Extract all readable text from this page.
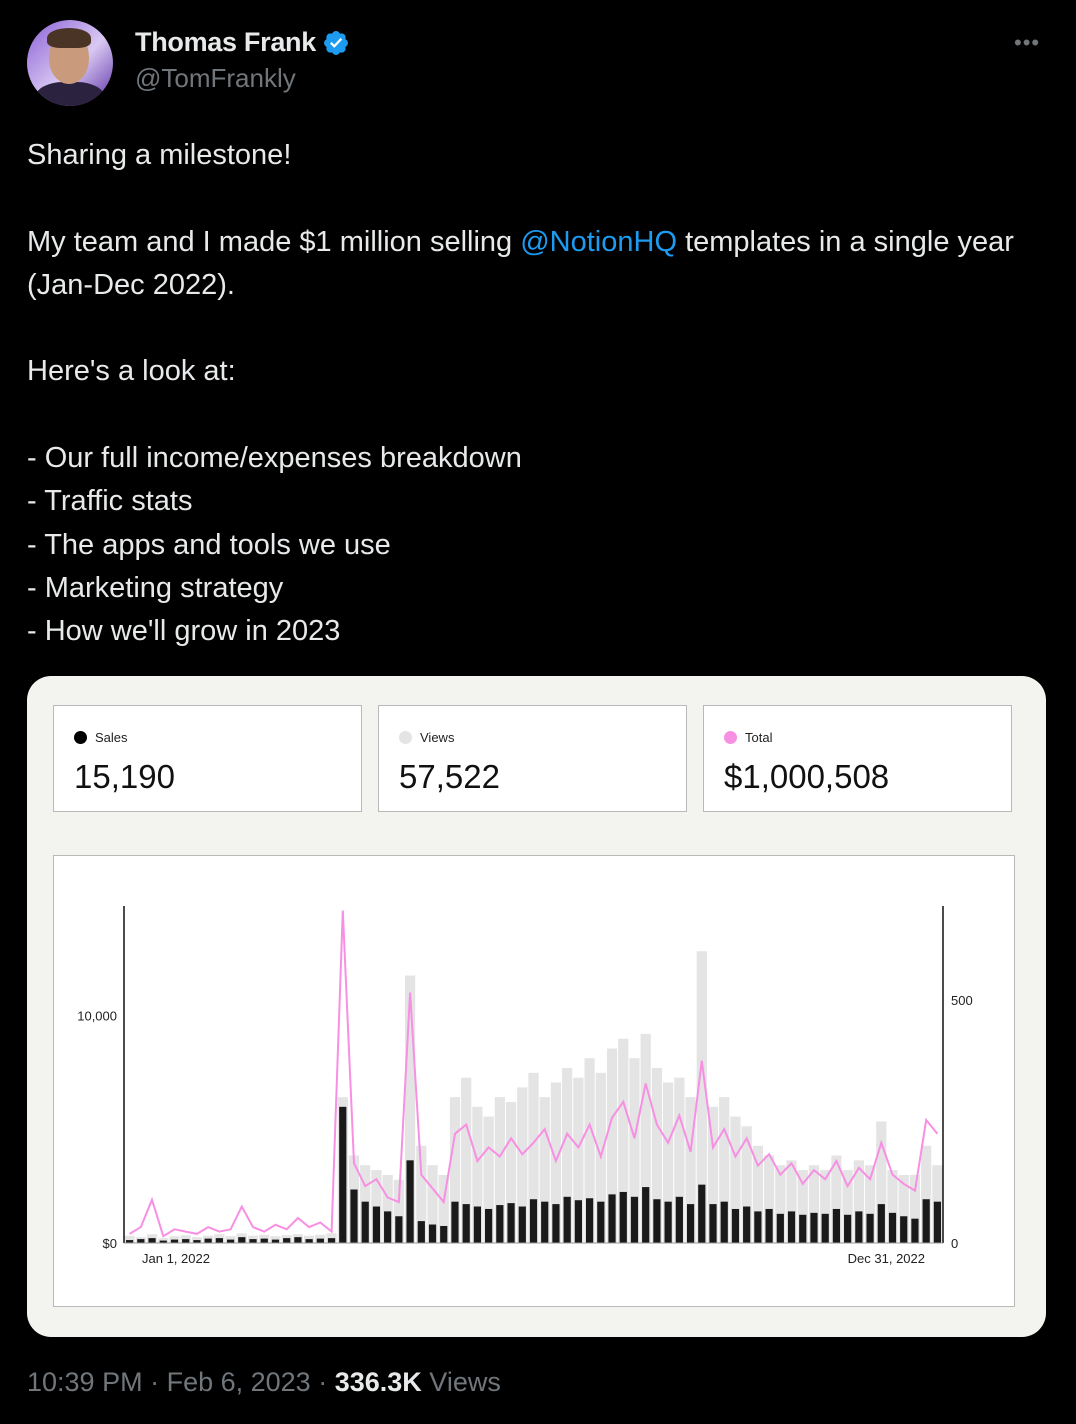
Thomas Frank
@TomFrankly
•••

Sharing a milestone!

My team and I made $1 million selling @NotionHQ templates in a single year (Jan-Dec 2022).

Here's a look at:

- Our full income/expenses breakdown

- Traffic stats

- The apps and tools we use

- Marketing strategy

- How we'll grow in 2023

Sales
15,190
Views
57,522
Total
$1,000,508
$0
10,000
0
500
Jan 1, 2022	Dec 31, 2022
10:39 PM · Feb 6, 2023 · 336.3K Views
